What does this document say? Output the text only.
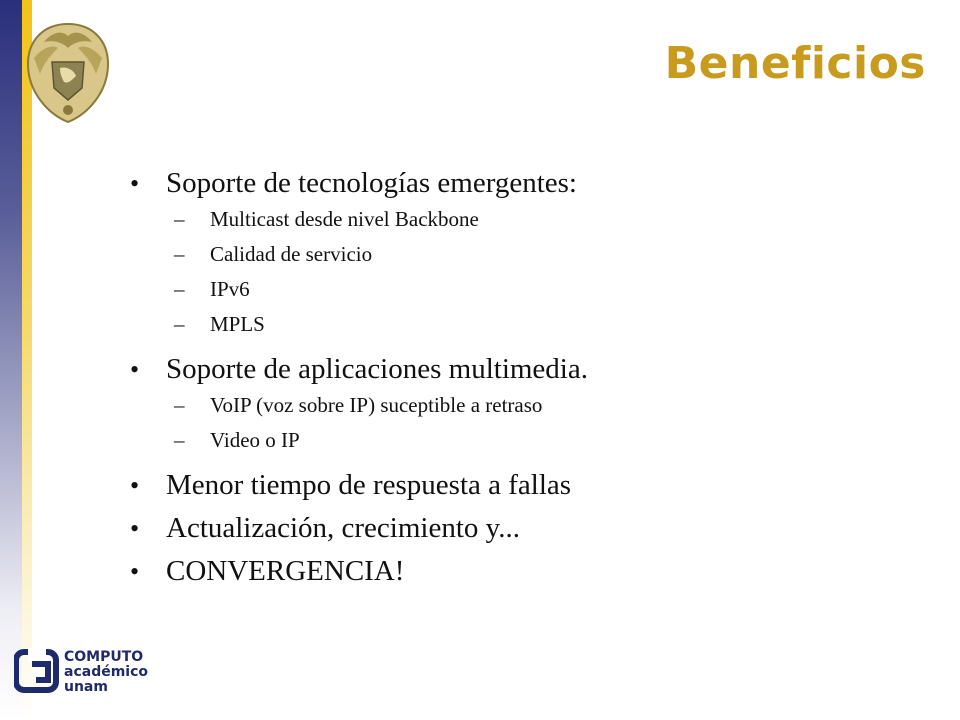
Beneficios
• Soporte de tecnologías emergentes:
– Multicast desde nivel Backbone
– Calidad de servicio
– IPv6
– MPLS
• Soporte de aplicaciones multimedia.
– VoIP (voz sobre IP) suceptible a retraso
– Video o IP
• Menor tiempo de respuesta a fallas
• Actualización, crecimiento y...
• CONVERGENCIA!
COMPUTO
académico
unam
